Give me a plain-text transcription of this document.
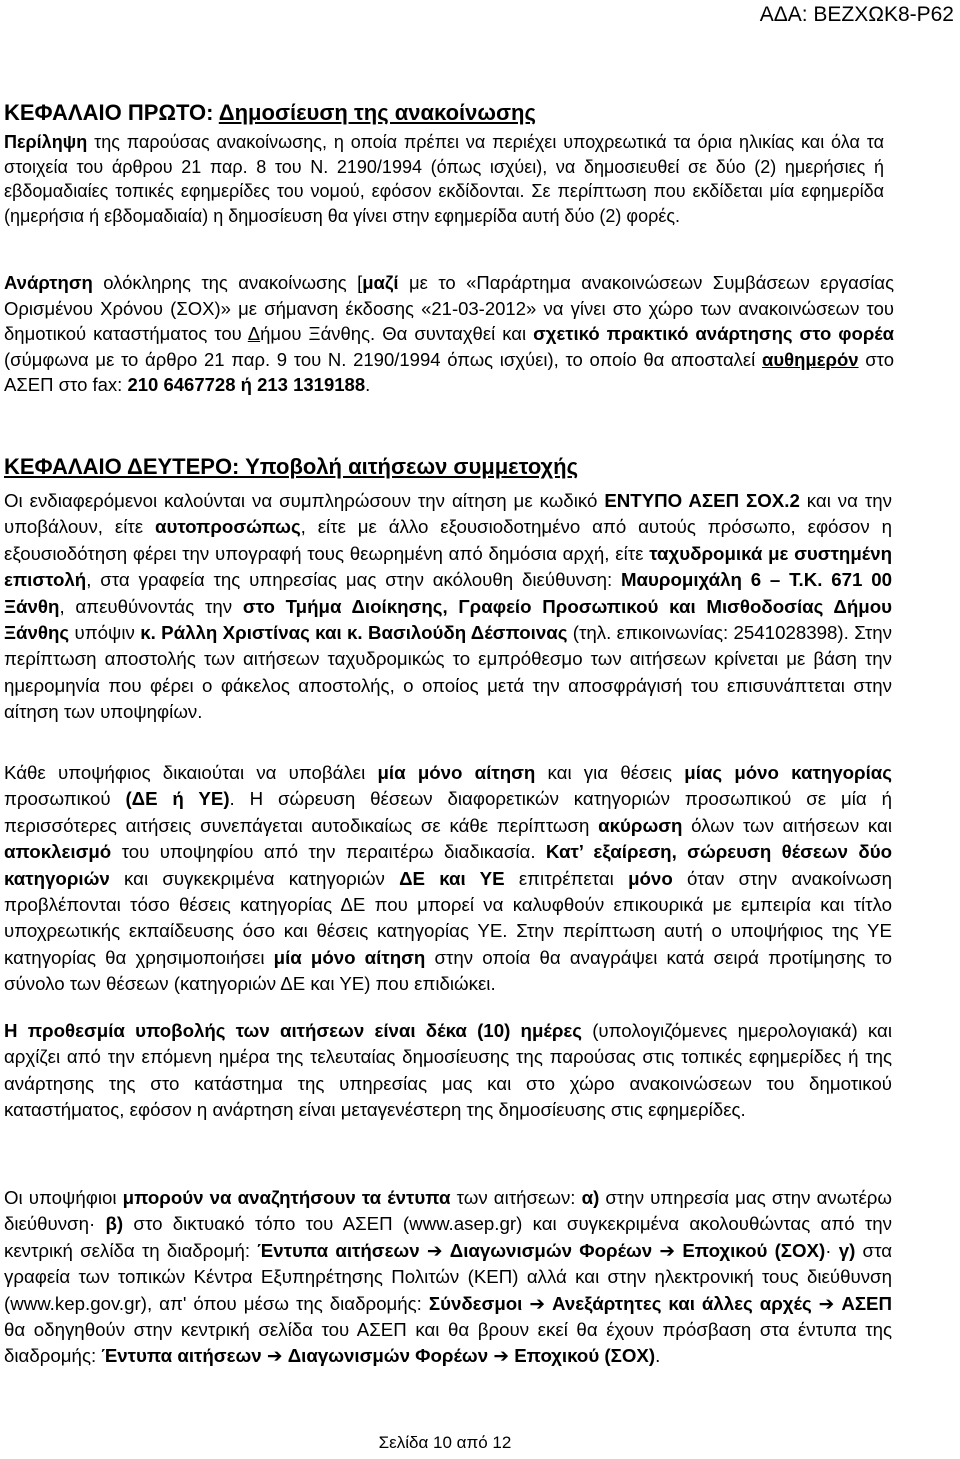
ΑΔΑ: ΒΕΖΧΩΚ8-Ρ62
ΚΕΦΑΛΑΙΟ ΠΡΩΤΟ: Δημοσίευση της ανακοίνωσης
Περίληψη της παρούσας ανακοίνωσης, η οποία πρέπει να περιέχει υποχρεωτικά τα όρια ηλικίας και όλα τα στοιχεία του άρθρου 21 παρ. 8 του Ν. 2190/1994 (όπως ισχύει), να δημοσιευθεί σε δύο (2) ημερήσιες ή εβδομαδιαίες τοπικές εφημερίδες του νομού, εφόσον εκδίδονται. Σε περίπτωση που εκδίδεται μία εφημερίδα (ημερήσια ή εβδομαδιαία) η δημοσίευση θα γίνει στην εφημερίδα αυτή δύο (2) φορές.
Ανάρτηση ολόκληρης της ανακοίνωσης [μαζί με το «Παράρτημα ανακοινώσεων Συμβάσεων εργασίας Ορισμένου Χρόνου (ΣΟΧ)» με σήμανση έκδοσης «21-03-2012» να γίνει στο χώρο των ανακοινώσεων του δημοτικού καταστήματος του Δήμου Ξάνθης. Θα συνταχθεί και σχετικό πρακτικό ανάρτησης στο φορέα (σύμφωνα με το άρθρο 21 παρ. 9 του Ν. 2190/1994 όπως ισχύει), το οποίο θα αποσταλεί αυθημερόν στο ΑΣΕΠ στο fax: 210 6467728 ή 213 1319188.
ΚΕΦΑΛΑΙΟ ΔΕΥΤΕΡΟ: Υποβολή αιτήσεων συμμετοχής
Οι ενδιαφερόμενοι καλούνται να συμπληρώσουν την αίτηση με κωδικό ΕΝΤΥΠΟ ΑΣΕΠ ΣΟΧ.2 και να την υποβάλουν, είτε αυτοπροσώπως, είτε με άλλο εξουσιοδοτημένο από αυτούς πρόσωπο, εφόσον η εξουσιοδότηση φέρει την υπογραφή τους θεωρημένη από δημόσια αρχή, είτε ταχυδρομικά με συστημένη επιστολή, στα γραφεία της υπηρεσίας μας στην ακόλουθη διεύθυνση: Μαυρομιχάλη 6 – Τ.Κ. 671 00 Ξάνθη, απευθύνοντάς την στο Τμήμα Διοίκησης, Γραφείο Προσωπικού και Μισθοδοσίας Δήμου Ξάνθης υπόψιν κ. Ράλλη Χριστίνας και κ. Βασιλούδη Δέσποινας (τηλ. επικοινωνίας: 2541028398). Στην περίπτωση αποστολής των αιτήσεων ταχυδρομικώς το εμπρόθεσμο των αιτήσεων κρίνεται με βάση την ημερομηνία που φέρει ο φάκελος αποστολής, ο οποίος μετά την αποσφράγισή του επισυνάπτεται στην αίτηση των υποψηφίων.
Κάθε υποψήφιος δικαιούται να υποβάλει μία μόνο αίτηση και για θέσεις μίας μόνο κατηγορίας προσωπικού (ΔΕ ή ΥΕ). Η σώρευση θέσεων διαφορετικών κατηγοριών προσωπικού σε μία ή περισσότερες αιτήσεις συνεπάγεται αυτοδικαίως σε κάθε περίπτωση ακύρωση όλων των αιτήσεων και αποκλεισμό του υποψηφίου από την περαιτέρω διαδικασία. Κατ’ εξαίρεση, σώρευση θέσεων δύο κατηγοριών και συγκεκριμένα κατηγοριών ΔΕ και ΥΕ επιτρέπεται μόνο όταν στην ανακοίνωση προβλέπονται τόσο θέσεις κατηγορίας ΔΕ που μπορεί να καλυφθούν επικουρικά με εμπειρία και τίτλο υποχρεωτικής εκπαίδευσης όσο και θέσεις κατηγορίας ΥΕ. Στην περίπτωση αυτή ο υποψήφιος της ΥΕ κατηγορίας θα χρησιμοποιήσει μία μόνο αίτηση στην οποία θα αναγράψει κατά σειρά προτίμησης το σύνολο των θέσεων (κατηγοριών ΔΕ και ΥΕ) που επιδιώκει.
Η προθεσμία υποβολής των αιτήσεων είναι δέκα (10) ημέρες (υπολογιζόμενες ημερολογιακά) και αρχίζει από την επόμενη ημέρα της τελευταίας δημοσίευσης της παρούσας στις τοπικές εφημερίδες ή της ανάρτησης της στο κατάστημα της υπηρεσίας μας και στο χώρο ανακοινώσεων του δημοτικού καταστήματος, εφόσον η ανάρτηση είναι μεταγενέστερη της δημοσίευσης στις εφημερίδες.
Οι υποψήφιοι μπορούν να αναζητήσουν τα έντυπα των αιτήσεων: α) στην υπηρεσία μας στην ανωτέρω διεύθυνση· β) στο δικτυακό τόπο του ΑΣΕΠ (www.asep.gr) και συγκεκριμένα ακολουθώντας από την κεντρική σελίδα τη διαδρομή: Έντυπα αιτήσεων ➔ Διαγωνισμών Φορέων ➔ Εποχικού (ΣΟΧ)· γ) στα γραφεία των τοπικών Κέντρα Εξυπηρέτησης Πολιτών (ΚΕΠ) αλλά και στην ηλεκτρονική τους διεύθυνση (www.kep.gov.gr), απ' όπου μέσω της διαδρομής: Σύνδεσμοι ➔ Ανεξάρτητες και άλλες αρχές ➔ ΑΣΕΠ θα οδηγηθούν στην κεντρική σελίδα του ΑΣΕΠ και θα βρουν εκεί θα έχουν πρόσβαση στα έντυπα της διαδρομής: Έντυπα αιτήσεων ➔ Διαγωνισμών Φορέων ➔ Εποχικού (ΣΟΧ).
Σελίδα 10 από 12
